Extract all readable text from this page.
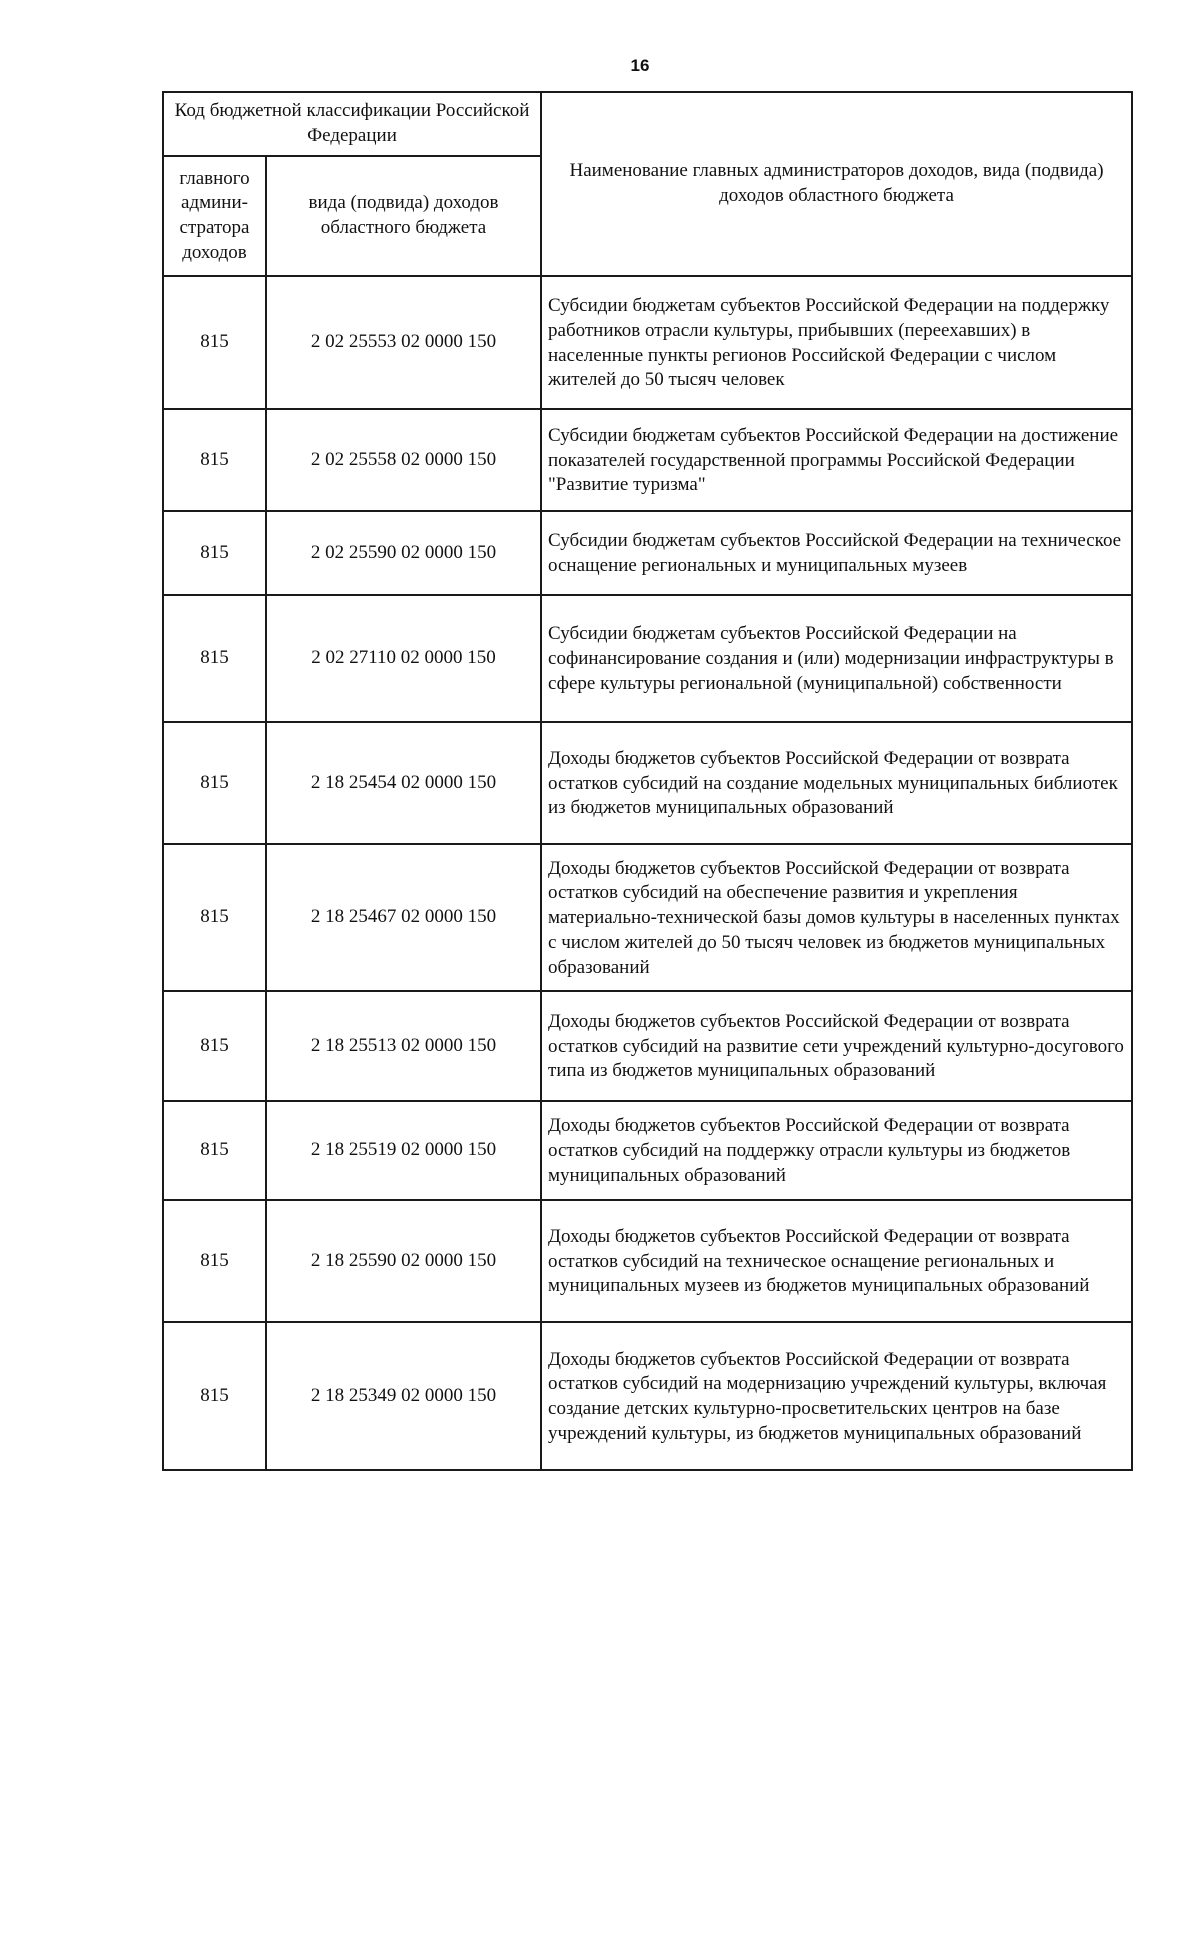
16
Код бюджетной классификации Российской Федерации		Наименование главных администраторов доходов, вида (подвида) доходов областного бюджета
главного админи-стратора доходов	вида (подвида) доходов областного бюджета	
815	2 02 25553 02 0000 150	Субсидии бюджетам субъектов Российской Федерации на поддержку работников отрасли культуры, прибывших (переехавших) в населенные пункты регионов Российской Федерации с числом жителей до 50 тысяч человек
815	2 02 25558 02 0000 150	Субсидии бюджетам субъектов Российской Федерации на достижение показателей государственной программы Российской Федерации "Развитие туризма"
815	2 02 25590 02 0000 150	Субсидии бюджетам субъектов Российской Федерации на техническое оснащение региональных и муниципальных музеев
815	2 02 27110 02 0000 150	Субсидии бюджетам субъектов Российской Федерации на софинансирование создания и (или) модернизации инфраструктуры в сфере культуры региональной (муниципальной) собственности
815	2 18 25454 02 0000 150	Доходы бюджетов субъектов Российской Федерации от возврата остатков субсидий на создание модельных муниципальных библиотек из бюджетов муниципальных образований
815	2 18 25467 02 0000 150	Доходы бюджетов субъектов Российской Федерации от возврата остатков субсидий на обеспечение развития и укрепления материально-технической базы домов культуры в населенных пунктах с числом жителей до 50 тысяч человек из бюджетов муниципальных образований
815	2 18 25513 02 0000 150	Доходы бюджетов субъектов Российской Федерации от возврата остатков субсидий на развитие сети учреждений культурно-досугового типа из бюджетов муниципальных образований
815	2 18 25519 02 0000 150	Доходы бюджетов субъектов Российской Федерации от возврата остатков субсидий на поддержку отрасли культуры из бюджетов муниципальных образований
815	2 18 25590 02 0000 150	Доходы бюджетов субъектов Российской Федерации от возврата остатков субсидий на техническое оснащение региональных и муниципальных музеев из бюджетов муниципальных образований
815	2 18 25349 02 0000 150	Доходы бюджетов субъектов Российской Федерации от возврата остатков субсидий на модернизацию учреждений культуры, включая создание детских культурно-просветительских центров на базе учреждений культуры, из бюджетов муниципальных образований
